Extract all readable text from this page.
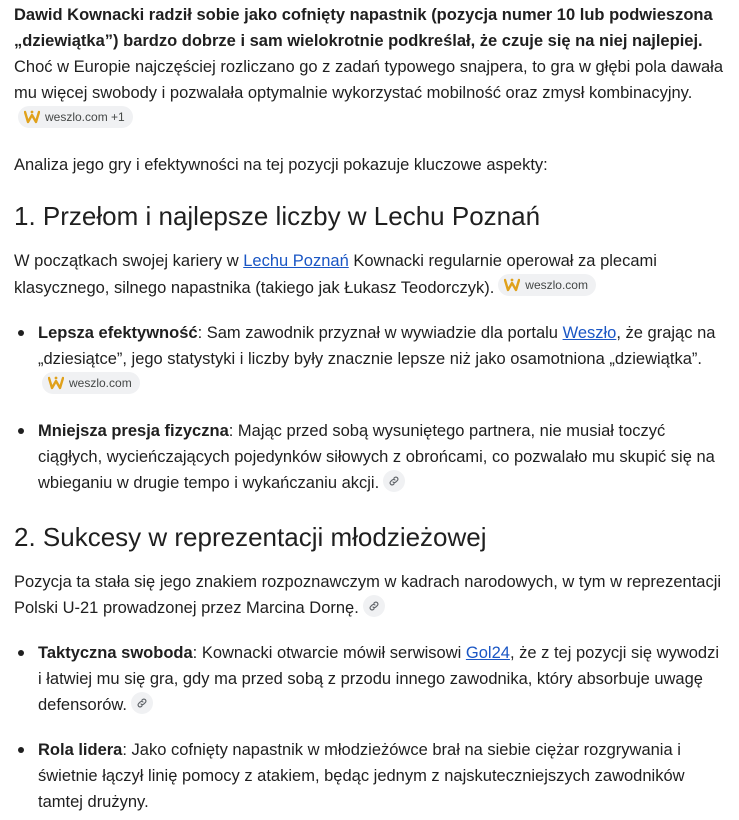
Dawid Kownacki radził sobie jako cofnięty napastnik (pozycja numer 10 lub podwieszona „dziewiątka”) bardzo dobrze i sam wielokrotnie podkreślał, że czuje się na niej najlepiej. Choć w Europie najczęściej rozliczano go z zadań typowego snajpera, to gra w głębi pola dawała mu więcej swobody i pozwalała optymalnie wykorzystać mobilność oraz zmysł kombinacyjny.
weszlo.com +1

Analiza jego gry i efektywności na tej pozycji pokazuje kluczowe aspekty:

1. Przełom i najlepsze liczby w Lechu Poznań

W początkach swojej kariery w Lechu Poznań Kownacki regularnie operował za plecami klasycznego, silnego napastnika (takiego jak Łukasz Teodorczyk).	weszlo.com

Lepsza efektywność: Sam zawodnik przyznał w wywiadzie dla portalu Weszło, że grając na „dziesiątce”, jego statystyki i liczby były znacznie lepsze niż jako osamotniona „dziewiątka”.
weszlo.com
Mniejsza presja fizyczna: Mając przed sobą wysuniętego partnera, nie musiał toczyć ciągłych, wycieńczających pojedynków siłowych z obrońcami, co pozwalało mu skupić się na wbieganiu w drugie tempo i wykańczaniu akcji.
2. Sukcesy w reprezentacji młodzieżowej

Pozycja ta stała się jego znakiem rozpoznawczym w kadrach narodowych, w tym w reprezentacji Polski U-21 prowadzonej przez Marcina Dornę.

Taktyczna swoboda: Kownacki otwarcie mówił serwisowi Gol24, że z tej pozycji się wywodzi i łatwiej mu się gra, gdy ma przed sobą z przodu innego zawodnika, który absorbuje uwagę defensorów.
Rola lidera: Jako cofnięty napastnik w młodzieżówce brał na siebie ciężar rozgrywania i świetnie łączył linię pomocy z atakiem, będąc jednym z najskuteczniejszych zawodników tamtej drużyny.
